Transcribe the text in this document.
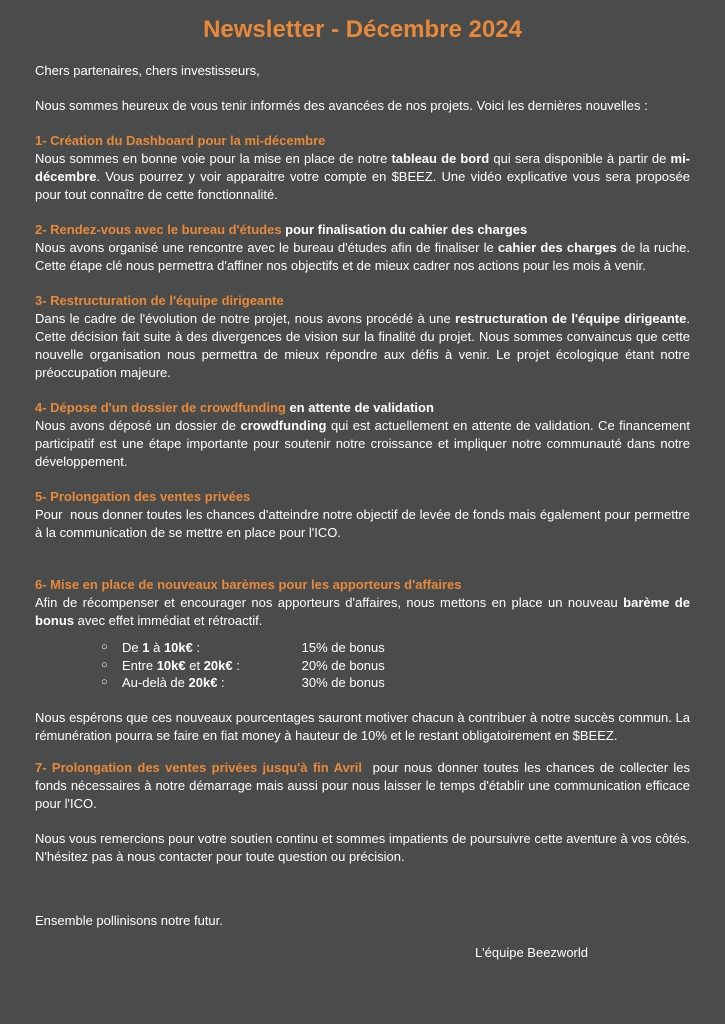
Newsletter - Décembre 2024

Chers partenaires, chers investisseurs,

Nous sommes heureux de vous tenir informés des avancées de nos projets. Voici les dernières nouvelles :

1- Création du Dashboard pour la mi-décembre

Nous sommes en bonne voie pour la mise en place de notre tableau de bord qui sera disponible à partir de mi-décembre. Vous pourrez y voir apparaitre votre compte en $BEEZ. Une vidéo explicative vous sera proposée pour tout connaître de cette fonctionnalité.

2- Rendez-vous avec le bureau d'études pour finalisation du cahier des charges

Nous avons organisé une rencontre avec le bureau d'études afin de finaliser le cahier des charges de la ruche. Cette étape clé nous permettra d'affiner nos objectifs et de mieux cadrer nos actions pour les mois à venir.

3- Restructuration de l'équipe dirigeante

Dans le cadre de l'évolution de notre projet, nous avons procédé à une restructuration de l'équipe dirigeante. Cette décision fait suite à des divergences de vision sur la finalité du projet. Nous sommes convaincus que cette nouvelle organisation nous permettra de mieux répondre aux défis à venir. Le projet écologique étant notre préoccupation majeure.

4- Dépose d'un dossier de crowdfunding en attente de validation

Nous avons déposé un dossier de crowdfunding qui est actuellement en attente de validation. Ce financement participatif est une étape importante pour soutenir notre croissance et impliquer notre communauté dans notre développement.

5- Prolongation des ventes privées

Pour  nous donner toutes les chances d'atteindre notre objectif de levée de fonds mais également pour permettre à la communication de se mettre en place pour l'ICO.

6- Mise en place de nouveaux barèmes pour les apporteurs d'affaires

Afin de récompenser et encourager nos apporteurs d'affaires, nous mettons en place un nouveau barème de bonus avec effet immédiat et rétroactif.

○ De 1 à 10k€ :	15% de bonus
○ Entre 10k€ et 20k€ :	20% de bonus
○ Au-delà de 20k€ :	30% de bonus

Nous espérons que ces nouveaux pourcentages sauront motiver chacun à contribuer à notre succès commun. La rémunération pourra se faire en fiat money à hauteur de 10% et le restant obligatoirement en $BEEZ.

7- Prolongation des ventes privées jusqu'à fin Avril  pour nous donner toutes les chances de collecter les fonds nécessaires à notre démarrage mais aussi pour nous laisser le temps d'établir une communication efficace pour l'ICO.

Nous vous remercions pour votre soutien continu et sommes impatients de poursuivre cette aventure à vos côtés. N'hésitez pas à nous contacter pour toute question ou précision.

Ensemble pollinisons notre futur.

L'équipe Beezworld
